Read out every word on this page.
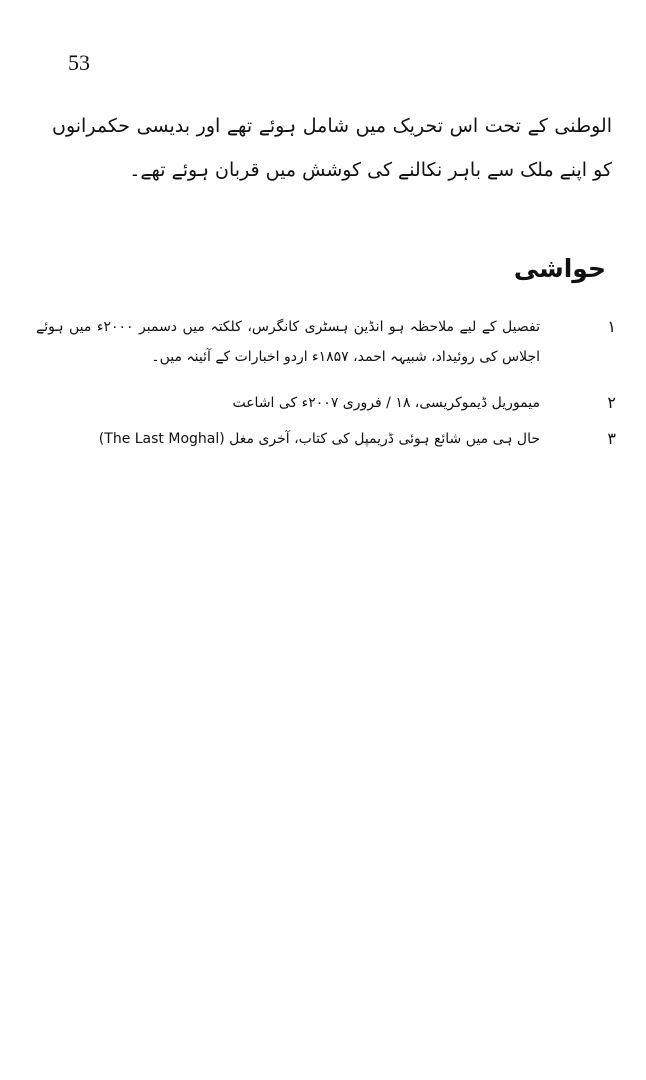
53
الوطنی کے تحت اس تحریک میں شامل ہوئے تھے اور بدیسی حکمرانوں کو اپنے ملک سے باہر نکالنے کی کوشش میں قربان ہوئے تھے۔
حواشی
۱
تفصیل کے لیے ملاحظہ ہو انڈین ہسٹری کانگرس، کلکتہ میں دسمبر ۲۰۰۰ء میں ہوئے اجلاس کی روئیداد، شبیہہ احمد، ۱۸۵۷ء اردو اخبارات کے آئینہ میں۔
۲
میموریل ڈیموکریسی، ۱۸ / فروری ۲۰۰۷ء کی اشاعت
۳
حال ہی میں شائع ہوئی ڈریمپل کی کتاب، آخری مغل (The Last Moghal)
